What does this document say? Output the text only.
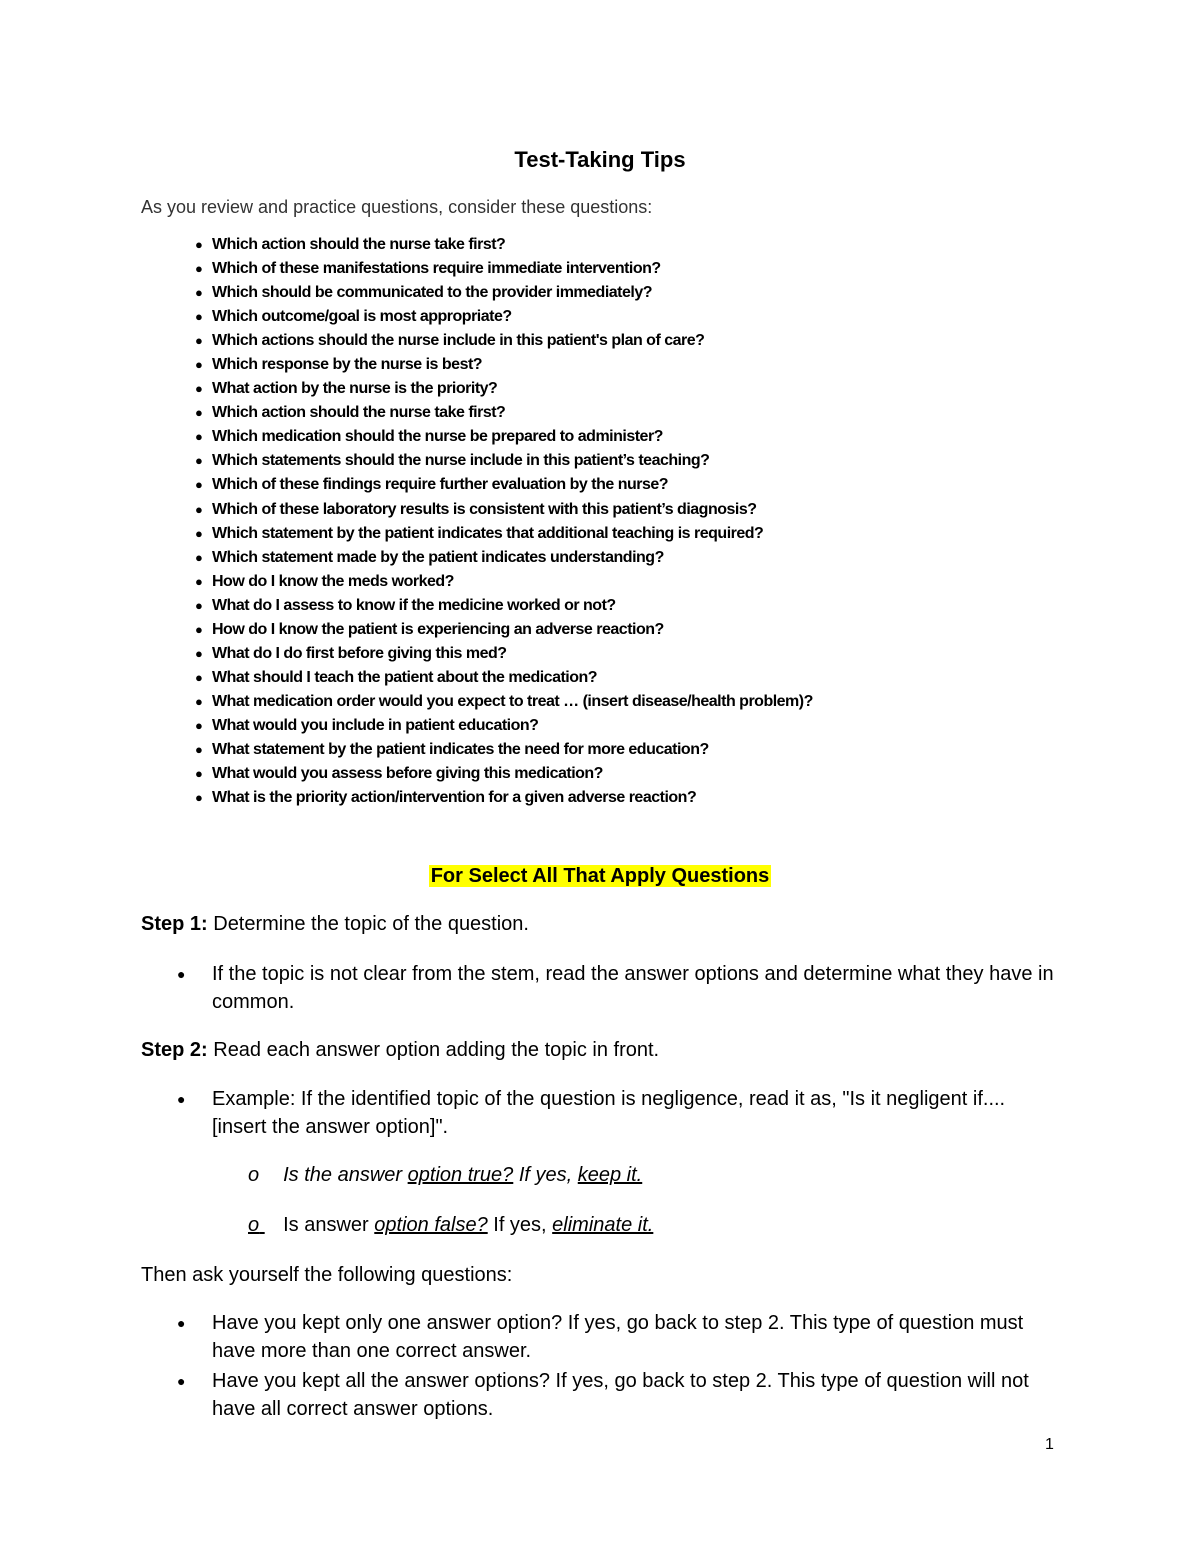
Test-Taking Tips
As you review and practice questions, consider these questions:
● Which action should the nurse take first?
● Which of these manifestations require immediate intervention?
● Which should be communicated to the provider immediately?
● Which outcome/goal is most appropriate?
● Which actions should the nurse include in this patient's plan of care?
● Which response by the nurse is best?
● What action by the nurse is the priority?
● Which action should the nurse take first?
● Which medication should the nurse be prepared to administer?
● Which statements should the nurse include in this patient’s teaching?
● Which of these findings require further evaluation by the nurse?
● Which of these laboratory results is consistent with this patient’s diagnosis?
● Which statement by the patient indicates that additional teaching is required?
● Which statement made by the patient indicates understanding?
● How do I know the meds worked?
● What do I assess to know if the medicine worked or not?
● How do I know the patient is experiencing an adverse reaction?
● What do I do first before giving this med?
● What should I teach the patient about the medication?
● What medication order would you expect to treat … (insert disease/health problem)?
● What would you include in patient education?
● What statement by the patient indicates the need for more education?
● What would you assess before giving this medication?
● What is the priority action/intervention for a given adverse reaction?
For Select All That Apply Questions
Step 1: Determine the topic of the question.
● If the topic is not clear from the stem, read the answer options and determine what they have in common.
Step 2: Read each answer option adding the topic in front.
● Example: If the identified topic of the question is negligence, read it as, "Is it negligent if.... [insert the answer option]".
o Is the answer option true? If yes, keep it.
o Is answer option false? If yes, eliminate it.
Then ask yourself the following questions:
● Have you kept only one answer option? If yes, go back to step 2. This type of question must have more than one correct answer.
● Have you kept all the answer options? If yes, go back to step 2. This type of question will not have all correct answer options.
1
